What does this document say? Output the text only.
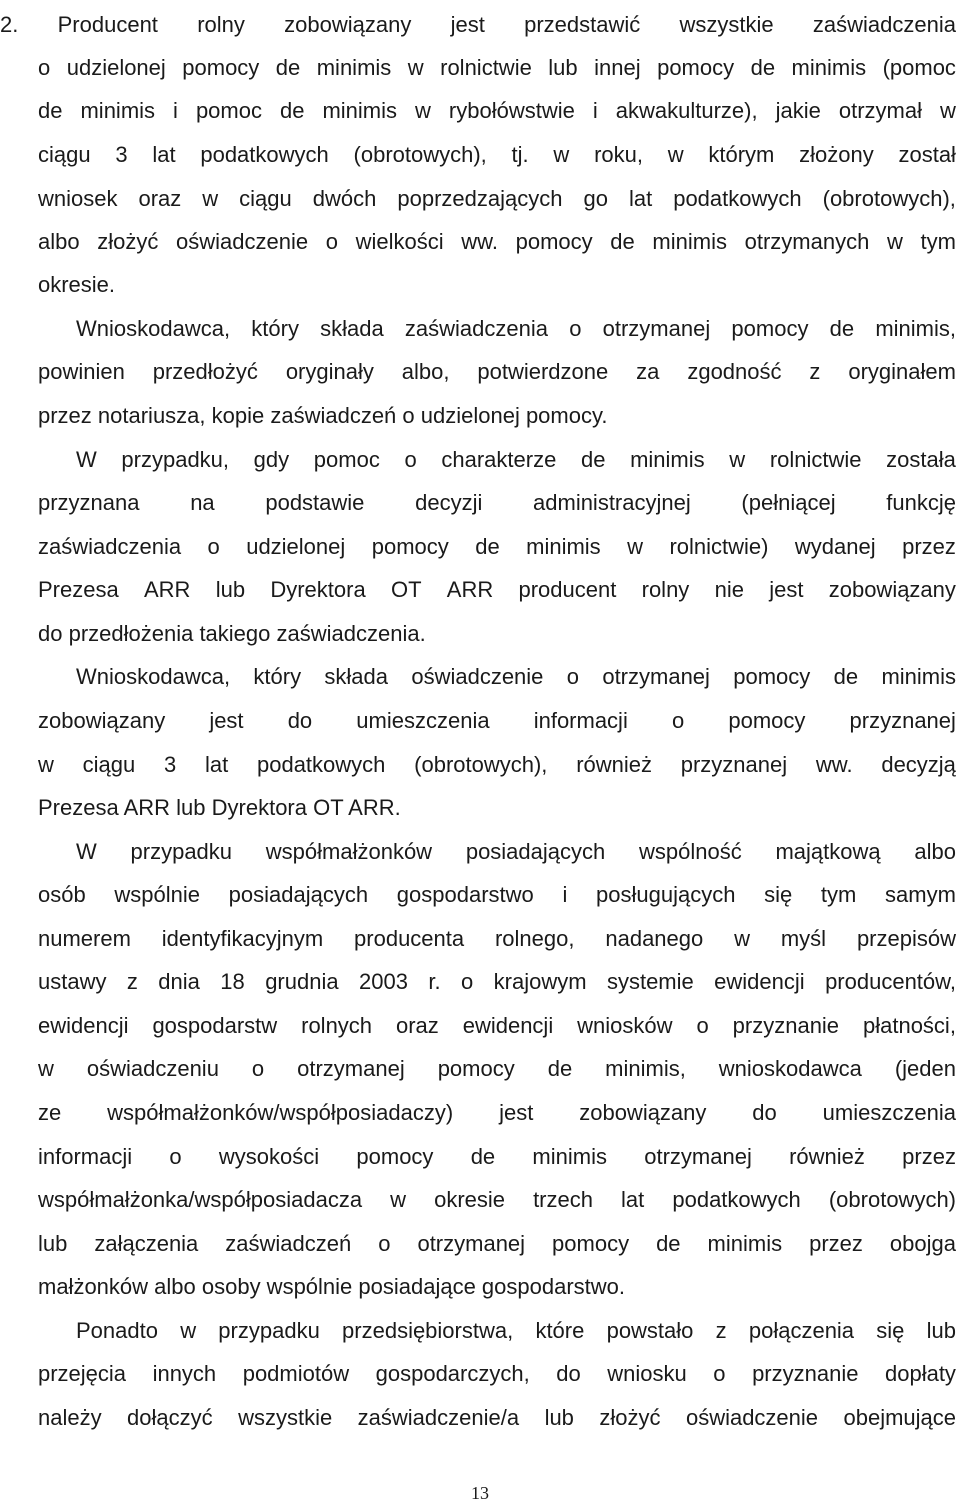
2. Producent rolny zobowiązany jest przedstawić wszystkie zaświadczenia
o udzielonej pomocy de minimis w rolnictwie lub innej pomocy de minimis (pomoc
de minimis i pomoc de minimis w rybołówstwie i akwakulturze), jakie otrzymał w
ciągu 3 lat podatkowych (obrotowych), tj. w roku, w którym złożony został
wniosek oraz w ciągu dwóch poprzedzających go lat podatkowych (obrotowych),
albo złożyć oświadczenie o wielkości ww. pomocy de minimis otrzymanych w tym
okresie.
Wnioskodawca, który składa zaświadczenia o otrzymanej pomocy de minimis,
powinien przedłożyć oryginały albo, potwierdzone za zgodność z oryginałem
przez notariusza, kopie zaświadczeń o udzielonej pomocy.
W przypadku, gdy pomoc o charakterze de minimis w rolnictwie została
przyznana na podstawie decyzji administracyjnej (pełniącej funkcję
zaświadczenia o udzielonej pomocy de minimis w rolnictwie) wydanej przez
Prezesa ARR lub Dyrektora OT ARR producent rolny nie jest zobowiązany
do przedłożenia takiego zaświadczenia.
Wnioskodawca, który składa oświadczenie o otrzymanej pomocy de minimis
zobowiązany jest do umieszczenia informacji o pomocy przyznanej
w ciągu 3 lat podatkowych (obrotowych), również przyznanej ww. decyzją
Prezesa ARR lub Dyrektora OT ARR.
W przypadku współmałżonków posiadających wspólność majątkową albo
osób wspólnie posiadających gospodarstwo i posługujących się tym samym
numerem identyfikacyjnym producenta rolnego, nadanego w myśl przepisów
ustawy z dnia 18 grudnia 2003 r. o krajowym systemie ewidencji producentów,
ewidencji gospodarstw rolnych oraz ewidencji wniosków o przyznanie płatności,
w oświadczeniu o otrzymanej pomocy de minimis, wnioskodawca (jeden
ze współmałżonków/współposiadaczy) jest zobowiązany do umieszczenia
informacji o wysokości pomocy de minimis otrzymanej również przez
współmałżonka/współposiadacza w okresie trzech lat podatkowych (obrotowych)
lub załączenia zaświadczeń o otrzymanej pomocy de minimis przez obojga
małżonków albo osoby wspólnie posiadające gospodarstwo.
Ponadto w przypadku przedsiębiorstwa, które powstało z połączenia się lub
przejęcia innych podmiotów gospodarczych, do wniosku o przyznanie dopłaty
należy dołączyć wszystkie zaświadczenie/a lub złożyć oświadczenie obejmujące
13
